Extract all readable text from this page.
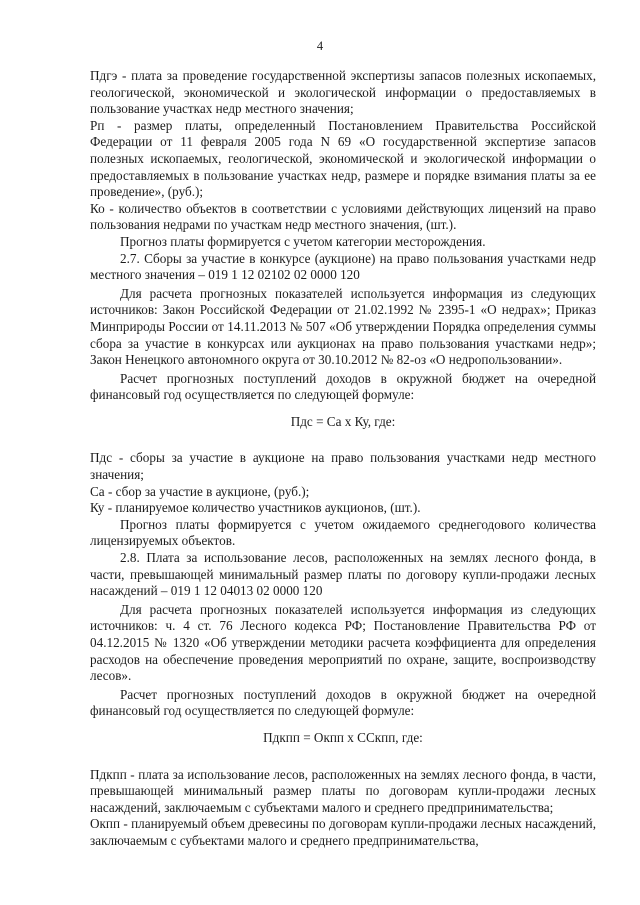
4

Пдгэ - плата за проведение государственной экспертизы запасов полезных ископаемых, геологической, экономической и экологической информации о предоставляемых в пользование участках недр местного значения;

Рп - размер платы, определенный Постановлением Правительства Российской Федерации от 11 февраля 2005 года N 69 «О государственной экспертизе запасов полезных ископаемых, геологической, экономической и экологической информации о предоставляемых в пользование участках недр, размере и порядке взимания платы за ее проведение», (руб.);

Ко - количество объектов в соответствии с условиями действующих лицензий на право пользования недрами по участкам недр местного значения, (шт.).

Прогноз платы формируется с учетом категории месторождения.

2.7. Сборы за участие в конкурсе (аукционе) на право пользования участками недр местного значения – 019 1 12 02102 02 0000 120

Для расчета прогнозных показателей используется информация из следующих источников: Закон Российской Федерации от 21.02.1992 № 2395-1 «О недрах»; Приказ Минприроды России от 14.11.2013 № 507 «Об утверждении Порядка определения суммы сбора за участие в конкурсах или аукционах на право пользования участками недр»; Закон Ненецкого автономного округа от 30.10.2012 № 82-оз «О недропользовании».

Расчет прогнозных поступлений доходов в окружной бюджет на очередной финансовый год осуществляется по следующей формуле:

Пдс = Са х Ку, где:

Пдс - сборы за участие в аукционе на право пользования участками недр местного значения;

Са - сбор за участие в аукционе, (руб.);

Ку - планируемое количество участников аукционов, (шт.).

Прогноз платы формируется с учетом ожидаемого среднегодового количества лицензируемых объектов.

2.8. Плата за использование лесов, расположенных на землях лесного фонда, в части, превышающей минимальный размер платы по договору купли-продажи лесных насаждений – 019 1 12 04013 02 0000 120

Для расчета прогнозных показателей используется информация из следующих источников: ч. 4 ст. 76 Лесного кодекса РФ; Постановление Правительства РФ от 04.12.2015 № 1320 «Об утверждении методики расчета коэффициента для определения расходов на обеспечение проведения мероприятий по охране, защите, воспроизводству лесов».

Расчет прогнозных поступлений доходов в окружной бюджет на очередной финансовый год осуществляется по следующей формуле:

Пдкпп = Окпп х ССкпп, где:

Пдкпп - плата за использование лесов, расположенных на землях лесного фонда, в части, превышающей минимальный размер платы по договорам купли-продажи лесных насаждений, заключаемым с субъектами малого и среднего предпринимательства;

Окпп - планируемый объем древесины по договорам купли-продажи лесных насаждений, заключаемым с субъектами малого и среднего предпринимательства,
